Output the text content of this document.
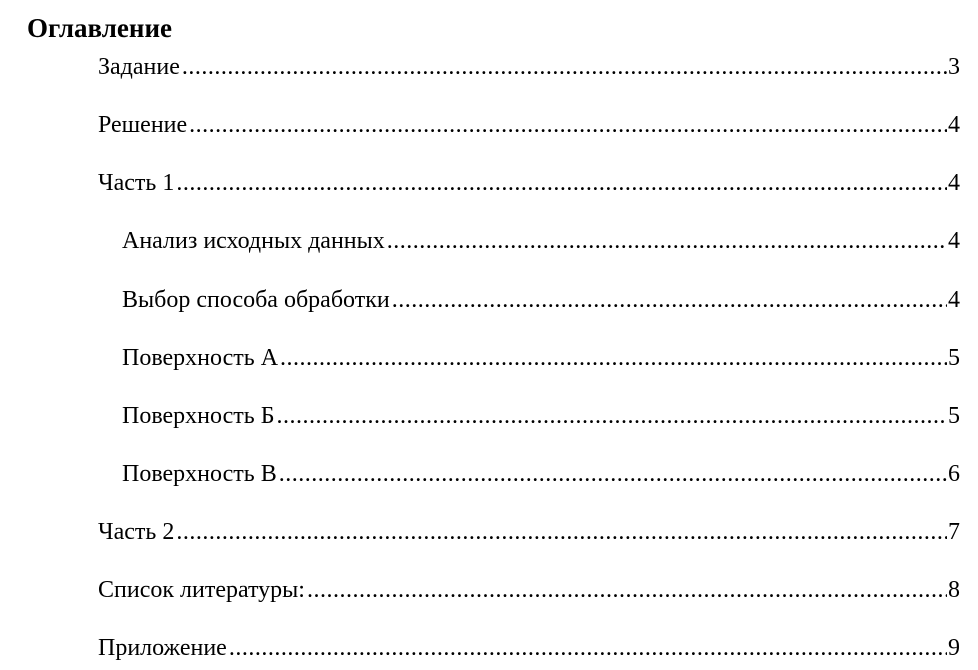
Оглавление
Задание .....	3
Решение .....	4
Часть 1 .....	4
Анализ исходных данных .....	4
Выбор способа обработки .....	4
Поверхность А .....	5
Поверхность Б .....	5
Поверхность В .....	6
Часть 2 .....	7
Список литературы: .....	8
Приложение .....	9
